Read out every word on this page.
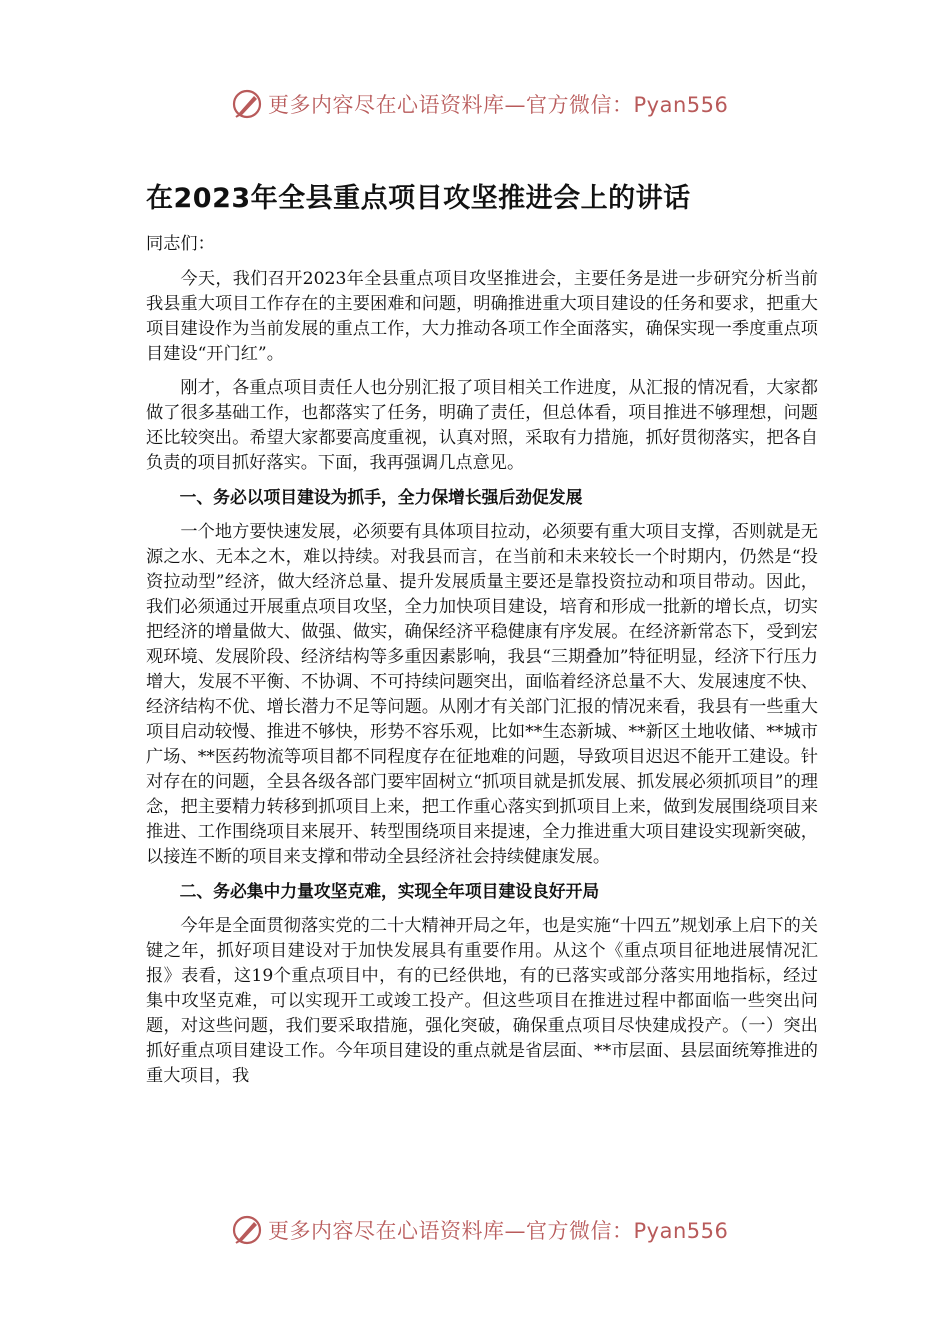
更多内容尽在心语资料库—官方微信：Pyan556
在2023年全县重点项目攻坚推进会上的讲话

同志们：

今天，我们召开2023年全县重点项目攻坚推进会，主要任务是进一步研究分析当前我县重大项目工作存在的主要困难和问题，明确推进重大项目建设的任务和要求，把重大项目建设作为当前发展的重点工作，大力推动各项工作全面落实，确保实现一季度重点项目建设“开门红”。

刚才，各重点项目责任人也分别汇报了项目相关工作进度，从汇报的情况看，大家都做了很多基础工作，也都落实了任务，明确了责任，但总体看，项目推进不够理想，问题还比较突出。希望大家都要高度重视，认真对照，采取有力措施，抓好贯彻落实，把各自负责的项目抓好落实。下面，我再强调几点意见。

一、务必以项目建设为抓手，全力保增长强后劲促发展

一个地方要快速发展，必须要有具体项目拉动，必须要有重大项目支撑，否则就是无源之水、无本之木，难以持续。对我县而言，在当前和未来较长一个时期内，仍然是“投资拉动型”经济，做大经济总量、提升发展质量主要还是靠投资拉动和项目带动。因此，我们必须通过开展重点项目攻坚，全力加快项目建设，培育和形成一批新的增长点，切实把经济的增量做大、做强、做实，确保经济平稳健康有序发展。在经济新常态下，受到宏观环境、发展阶段、经济结构等多重因素影响，我县“三期叠加”特征明显，经济下行压力增大，发展不平衡、不协调、不可持续问题突出，面临着经济总量不大、发展速度不快、经济结构不优、增长潜力不足等问题。从刚才有关部门汇报的情况来看，我县有一些重大项目启动较慢、推进不够快，形势不容乐观，比如**生态新城、**新区土地收储、**城市广场、**医药物流等项目都不同程度存在征地难的问题，导致项目迟迟不能开工建设。针对存在的问题，全县各级各部门要牢固树立“抓项目就是抓发展、抓发展必须抓项目”的理念，把主要精力转移到抓项目上来，把工作重心落实到抓项目上来，做到发展围绕项目来推进、工作围绕项目来展开、转型围绕项目来提速，全力推进重大项目建设实现新突破，以接连不断的项目来支撑和带动全县经济社会持续健康发展。

二、务必集中力量攻坚克难，实现全年项目建设良好开局

今年是全面贯彻落实党的二十大精神开局之年，也是实施“十四五”规划承上启下的关键之年，抓好项目建设对于加快发展具有重要作用。从这个《重点项目征地进展情况汇报》表看，这19个重点项目中，有的已经供地，有的已落实或部分落实用地指标，经过集中攻坚克难，可以实现开工或竣工投产。但这些项目在推进过程中都面临一些突出问题，对这些问题，我们要采取措施，强化突破，确保重点项目尽快建成投产。（一）突出抓好重点项目建设工作。今年项目建设的重点就是省层面、**市层面、县层面统筹推进的重大项目，我

更多内容尽在心语资料库—官方微信：Pyan556
